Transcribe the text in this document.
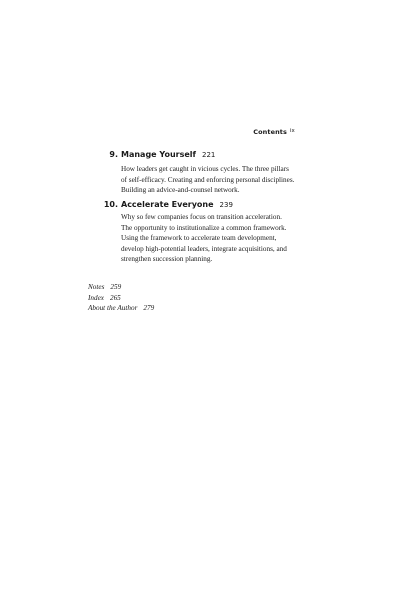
Contents ix
9. Manage Yourself 221
How leaders get caught in vicious cycles. The three pillars
of self-efficacy. Creating and enforcing personal disciplines.
Building an advice-and-counsel network.
10. Accelerate Everyone 239
Why so few companies focus on transition acceleration.
The opportunity to institutionalize a common framework.
Using the framework to accelerate team development,
develop high-potential leaders, integrate acquisitions, and
strengthen succession planning.
Notes 259
Index 265
About the Author 279
